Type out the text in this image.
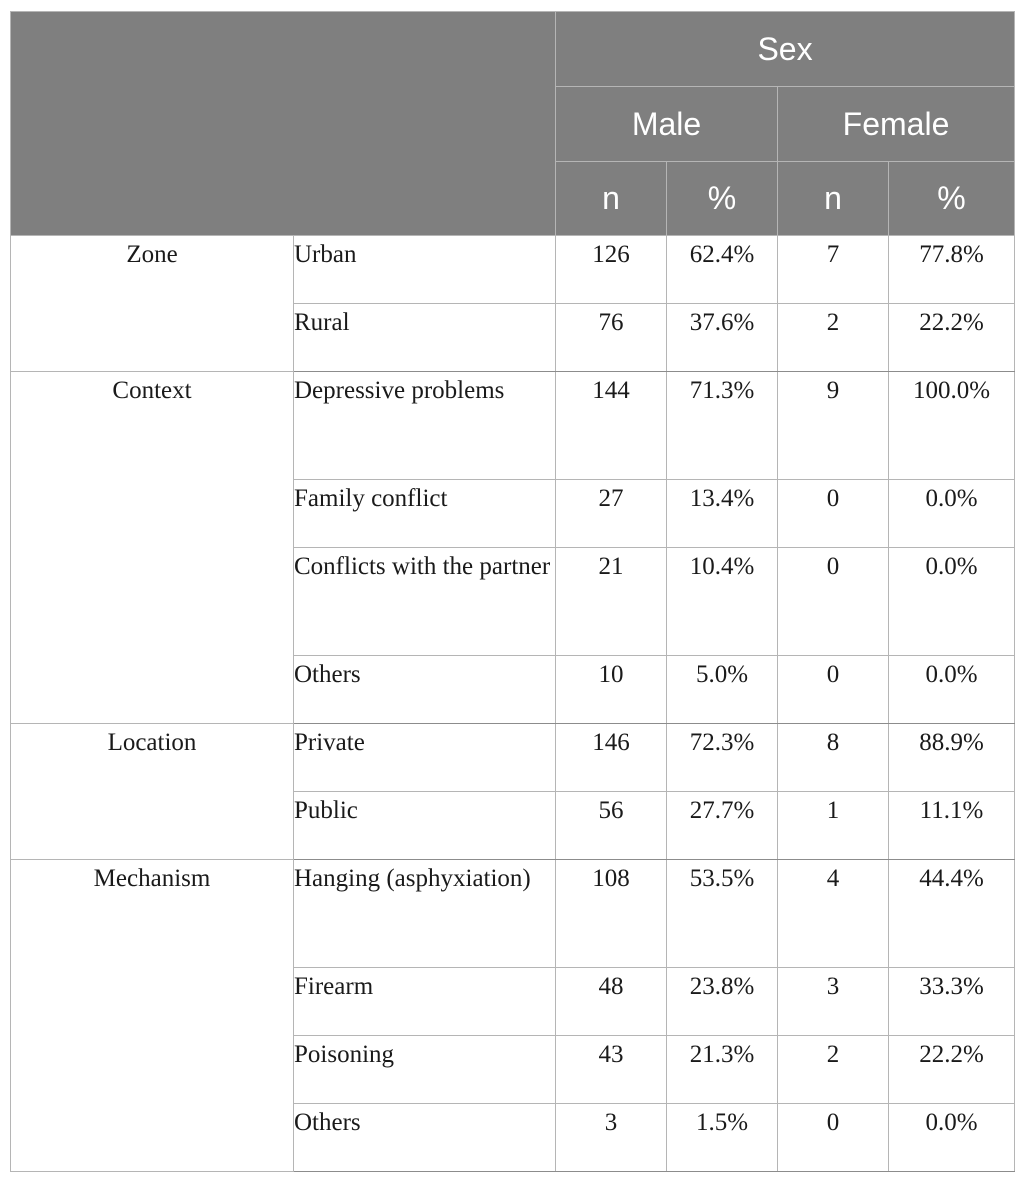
		Sex			
		Male		Female	
		n	%	n	%
Zone	Urban	126	62.4%	7	77.8%
	Rural	76	37.6%	2	22.2%
Context	Depressive problems	144	71.3%	9	100.0%
	Family conflict	27	13.4%	0	0.0%
	Conflicts with the partner	21	10.4%	0	0.0%
	Others	10	5.0%	0	0.0%
Location	Private	146	72.3%	8	88.9%
	Public	56	27.7%	1	11.1%
Mechanism	Hanging (asphyxiation)	108	53.5%	4	44.4%
	Firearm	48	23.8%	3	33.3%
	Poisoning	43	21.3%	2	22.2%
	Others	3	1.5%	0	0.0%
